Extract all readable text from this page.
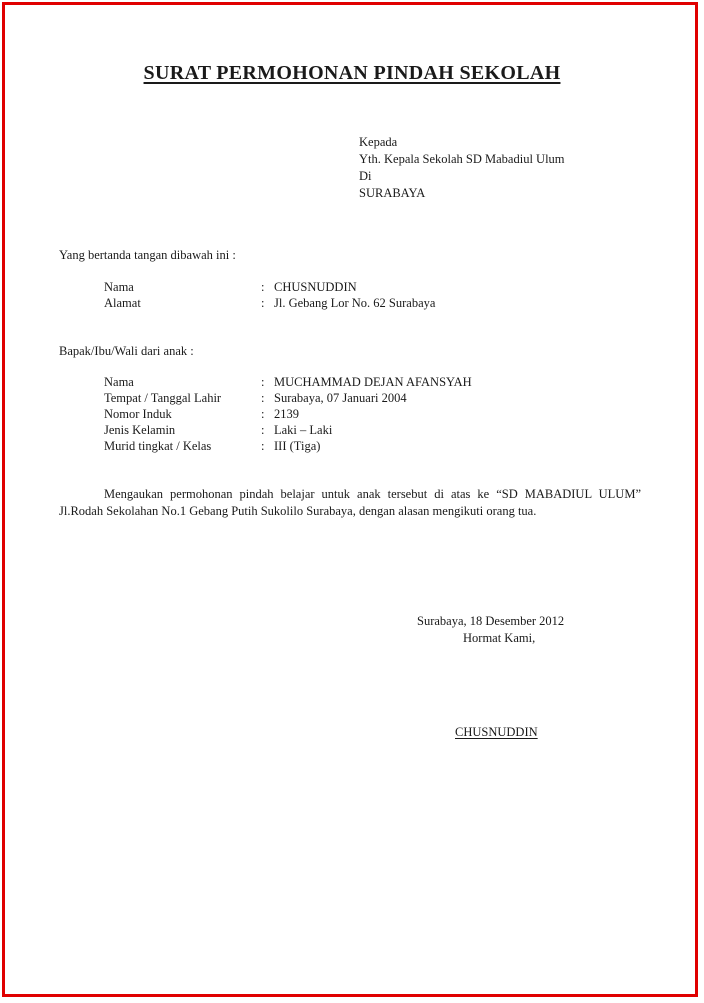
SURAT PERMOHONAN PINDAH SEKOLAH
Kepada
Yth. Kepala Sekolah SD Mabadiul Ulum
Di
SURABAYA
Yang bertanda tangan dibawah ini :
Nama	: CHUSNUDDIN
Alamat	: Jl. Gebang Lor No. 62 Surabaya
Bapak/Ibu/Wali dari anak :
Nama	: MUCHAMMAD DEJAN AFANSYAH
Tempat / Tanggal Lahir	: Surabaya, 07 Januari 2004
Nomor Induk	: 2139
Jenis Kelamin	: Laki – Laki
Murid tingkat / Kelas	: III (Tiga)
Mengaukan permohonan pindah belajar untuk anak tersebut di atas ke “SD MABADIUL ULUM” Jl.Rodah Sekolahan No.1 Gebang Putih Sukolilo Surabaya, dengan alasan mengikuti orang tua.
Surabaya, 18 Desember 2012
Hormat Kami,
CHUSNUDDIN
